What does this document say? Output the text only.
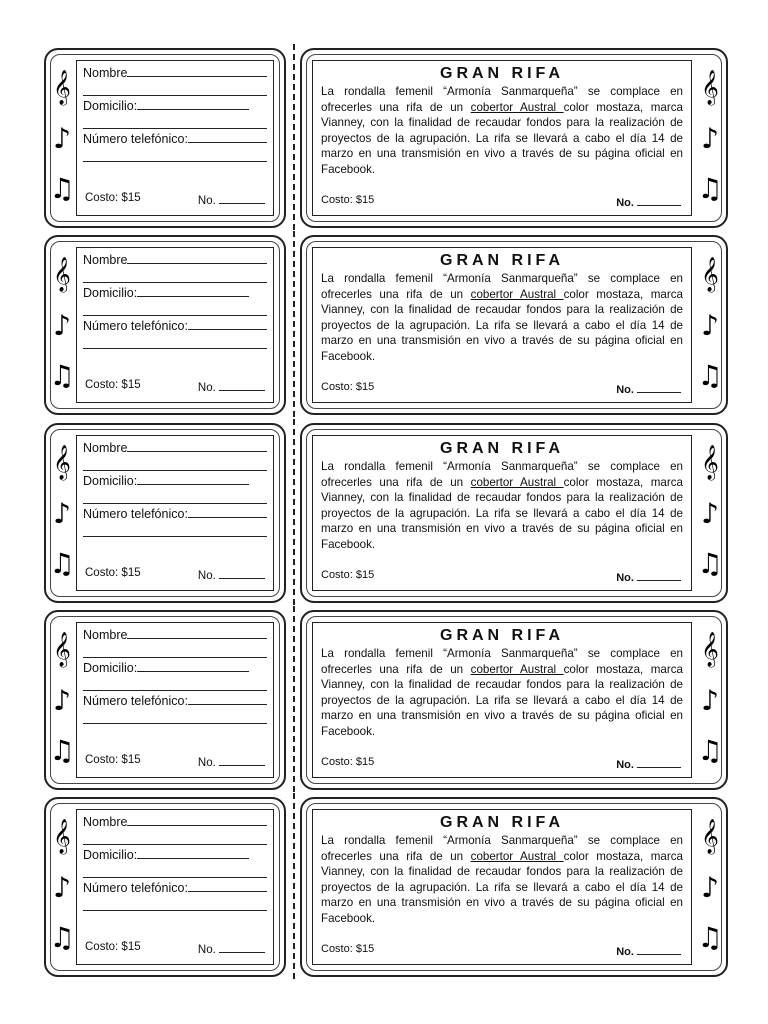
𝄞
♪
♫
Nombre
Domicilio:
Número telefónico:
Costo: $15	No.
GRAN RIFA
La rondalla femenil “Armonía Sanmarqueña” se complace en ofrecerles una rifa de un cobertor Austral color mostaza, marca Vianney, con la finalidad de recaudar fondos para la realización de proyectos de la agrupación. La rifa se llevará a cabo el día 14 de marzo en una transmisión en vivo a través de su página oficial en Facebook.
Costo: $15	No.
𝄞
♪
♫
𝄞
♪
♫
Nombre
Domicilio:
Número telefónico:
Costo: $15	No.
GRAN RIFA
La rondalla femenil “Armonía Sanmarqueña” se complace en ofrecerles una rifa de un cobertor Austral color mostaza, marca Vianney, con la finalidad de recaudar fondos para la realización de proyectos de la agrupación. La rifa se llevará a cabo el día 14 de marzo en una transmisión en vivo a través de su página oficial en Facebook.
Costo: $15	No.
𝄞
♪
♫
𝄞
♪
♫
Nombre
Domicilio:
Número telefónico:
Costo: $15	No.
GRAN RIFA
La rondalla femenil “Armonía Sanmarqueña” se complace en ofrecerles una rifa de un cobertor Austral color mostaza, marca Vianney, con la finalidad de recaudar fondos para la realización de proyectos de la agrupación. La rifa se llevará a cabo el día 14 de marzo en una transmisión en vivo a través de su página oficial en Facebook.
Costo: $15	No.
𝄞
♪
♫
𝄞
♪
♫
Nombre
Domicilio:
Número telefónico:
Costo: $15	No.
GRAN RIFA
La rondalla femenil “Armonía Sanmarqueña” se complace en ofrecerles una rifa de un cobertor Austral color mostaza, marca Vianney, con la finalidad de recaudar fondos para la realización de proyectos de la agrupación. La rifa se llevará a cabo el día 14 de marzo en una transmisión en vivo a través de su página oficial en Facebook.
Costo: $15	No.
𝄞
♪
♫
𝄞
♪
♫
Nombre
Domicilio:
Número telefónico:
Costo: $15	No.
GRAN RIFA
La rondalla femenil “Armonía Sanmarqueña” se complace en ofrecerles una rifa de un cobertor Austral color mostaza, marca Vianney, con la finalidad de recaudar fondos para la realización de proyectos de la agrupación. La rifa se llevará a cabo el día 14 de marzo en una transmisión en vivo a través de su página oficial en Facebook.
Costo: $15	No.
𝄞
♪
♫
